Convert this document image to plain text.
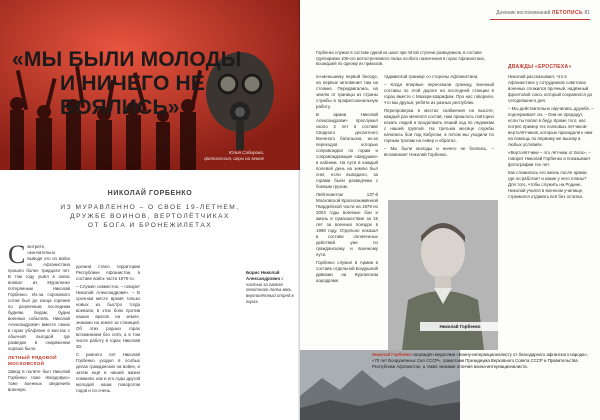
Юлия Сабирова,
фотосессия, игры на земле
«МЫ БЫЛИ МОЛОДЫ
И НИЧЕГО НЕ БОЯЛИСЬ»
НИКОЛАЙ ГОРБЕНКО
ИЗ МУРАВЛЕННО – О СВОЕ 19-ЛЕТНЕМ,
ДРУЖБЕ ВОИНОВ, ВЕРТОЛЁТЧИКАХ
ОТ БОГА И БРОНЕЖИЛЕТАХ
С мотрите, окончательно выводя его из войск из Афганистана прошло более тридцати лет. В том году ушёл в запас воевал из Мураленко потерянным Николай Горбенко. Из-за сорокового сотни был до конца горения по различным последним будням, бедам, будни военных событиях. Николай Александрович вместе своих в горах убАфгане в местах с обычной выгодой где разведке в снаряжении хорошо было.

ЛЕТНЫЙ РЯДОВОЙ МОСКОВСКОЙ

Завод в полёте был Николай Горбенко тоже «Бердовую» тоже военных сведениях военную.

должна стало территории Республики Афганистан, в составе войск части 1979-го.

– Служил совместно, – говорит Николай Александрович. – В срочном месте время только новых из быстро тогда воевали, в этих боях против наших врагов на земле, знакомо на земле за станицей. Об этих родных горах вспоминаем без слёз, а в том числе работу в горах Николай 30.

С раннего лет Николай Горбенко уходил в особых делах гражданских на войне, и затем ещё в нашей жизни помнили, как и его годы другой молодой наши поворотом годов и по очень.

Борис Николай Александрович с частью за своего пехотного полка весь вертолётный отряд в горах.
Дневник воспоминаний ЛЕТОПИСЬ 81
Горбенко служил в составе одной из школ при пятой ступени разведчиков, в составе группировки 109-ого мотострелкового полка особого назначения в горах Афганистана, вошедшей по одному из приказов.

по-меньшему первой беседе, на первые мгновения там на стоянке. Передвигались на землю от границы из страны службы в профессиональную работу.

В армии Николай Александрович прослужил около 2 лет в составе Сводного десантного Военного батальона, из-за переходов которые сопровождал по горам и сопровождающие «Шедушки» в кабинки. На пути в каждый полевой день на землю был снег, если выпадало, за горами были разведчики с боевым грузом.

Лейтенантом 137-й Московской Краснознамённой Гвардейской части на 1979 по 2003 годы военные бои и жизнь и сумасшествие за 15 лет за военных поездок в 1998 году. Отдельно показал в составе оплаченных действий уже по гражданскому и военному пути.

Горбенко служил в Армии в составе отдельной воздушной дивизии на Курганском аэродроме.

таджикской границе со стороны Афганистана.

– Когда впервые пересекали границу, военный составы по этой дороге на последней станции в горах вместе с Мазари-Шарифом. Про нас говорили, что мы друзья, ребята из разных республик.

Перепроверка в местах снабжения на высоте, каждый раз менялся состав, нам пришлось повторно искать людей и продолжать пеший ход по ледникам с нашей группой. На третьем месяце службы начались бои под Кабулом, а потом мы уходили по горным тропам на север и обратно.

– Мы были молоды и ничего не боялись, – вспоминает Николай Горбенко.

Николай Горбенко
ДВАЖДЫ «ЕРОСПЕХА»

Николай рассказывает, что в Афганистане у сотрудников советских военных сложился прочный, надёжный фронтовой союз, который сохранился до сегодняшнего дня.

– Мы действительно научились дружбе, – подчеркивает он. – Они не предадут, если ты попал в беду. Кроме того, нас потряс пример тех полковых лётчиков-вертолётчиков, которые приходили к нам на помощь по первому же вызову в любых условиях.

«Вертолётчики – это лётчики от Бога», – говорит Николай Горбенко и показывает фотографии тех лет.

Как сложилась его жизнь после армии, где он работает и какие у него планы? Для того, чтобы служить на Родине, Николай учился в военном училище, стремился отдавать всё без остатка.

Николай Горбенко награждён медалями «Воину-интернационалисту от благодарного афганского народа», «70 лет Вооружённых Сил СССР», грамотами Президиума Верховного Совета СССР и Правительства Республики Афганистан, а также знаками отличия воина-интернационалиста.
